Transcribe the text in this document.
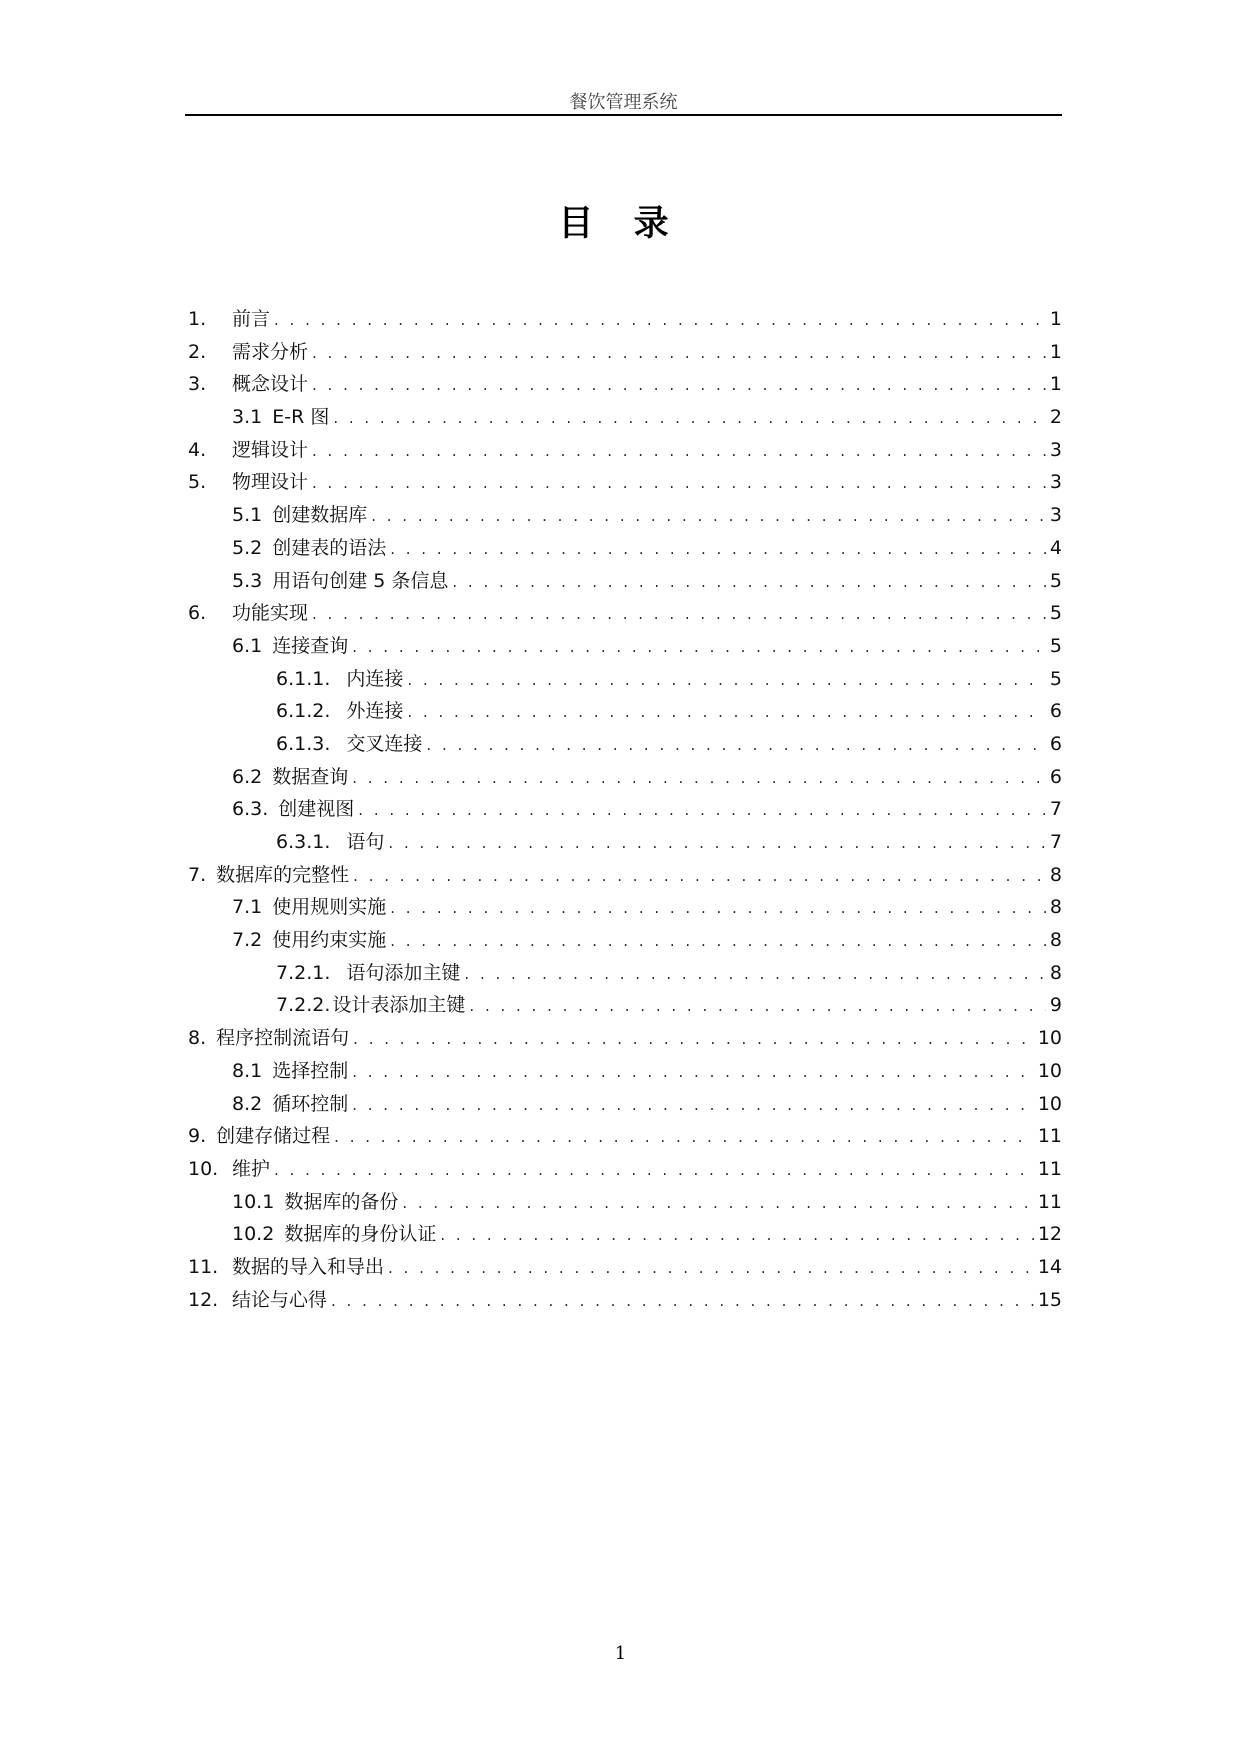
餐饮管理系统
目 录
1.	前言 . . .	1
2.	需求分析 . . .	1
3.	概念设计 . . .	1
3.1 E-R 图 . . .	2
4.	逻辑设计 . . .	3
5.	物理设计 . . .	3
5.1 创建数据库 . . .	3
5.2 创建表的语法 . . .	4
5.3 用语句创建 5 条信息 . . .	5
6.	功能实现 . . .	5
6.1 连接查询 . . .	5
6.1.1. 内连接 . . .	5
6.1.2. 外连接 . . .	6
6.1.3. 交叉连接 . . .	6
6.2 数据查询 . . .	6
6.3. 创建视图 . . .	7
6.3.1. 语句 . . .	7
7. 数据库的完整性 . . .	8
7.1 使用规则实施 . . .	8
7.2 使用约束实施 . . .	8
7.2.1. 语句添加主键 . . .	8
7.2.2. 设计表添加主键 . . .	9
8. 程序控制流语句 . . .	10
8.1 选择控制 . . .	10
8.2 循环控制 . . .	10
9. 创建存储过程 . . .	11
10. 维护 . . .	11
10.1 数据库的备份 . . .	11
10.2 数据库的身份认证 . . .	12
11. 数据的导入和导出 . . .	14
12. 结论与心得 . . .	15
1
